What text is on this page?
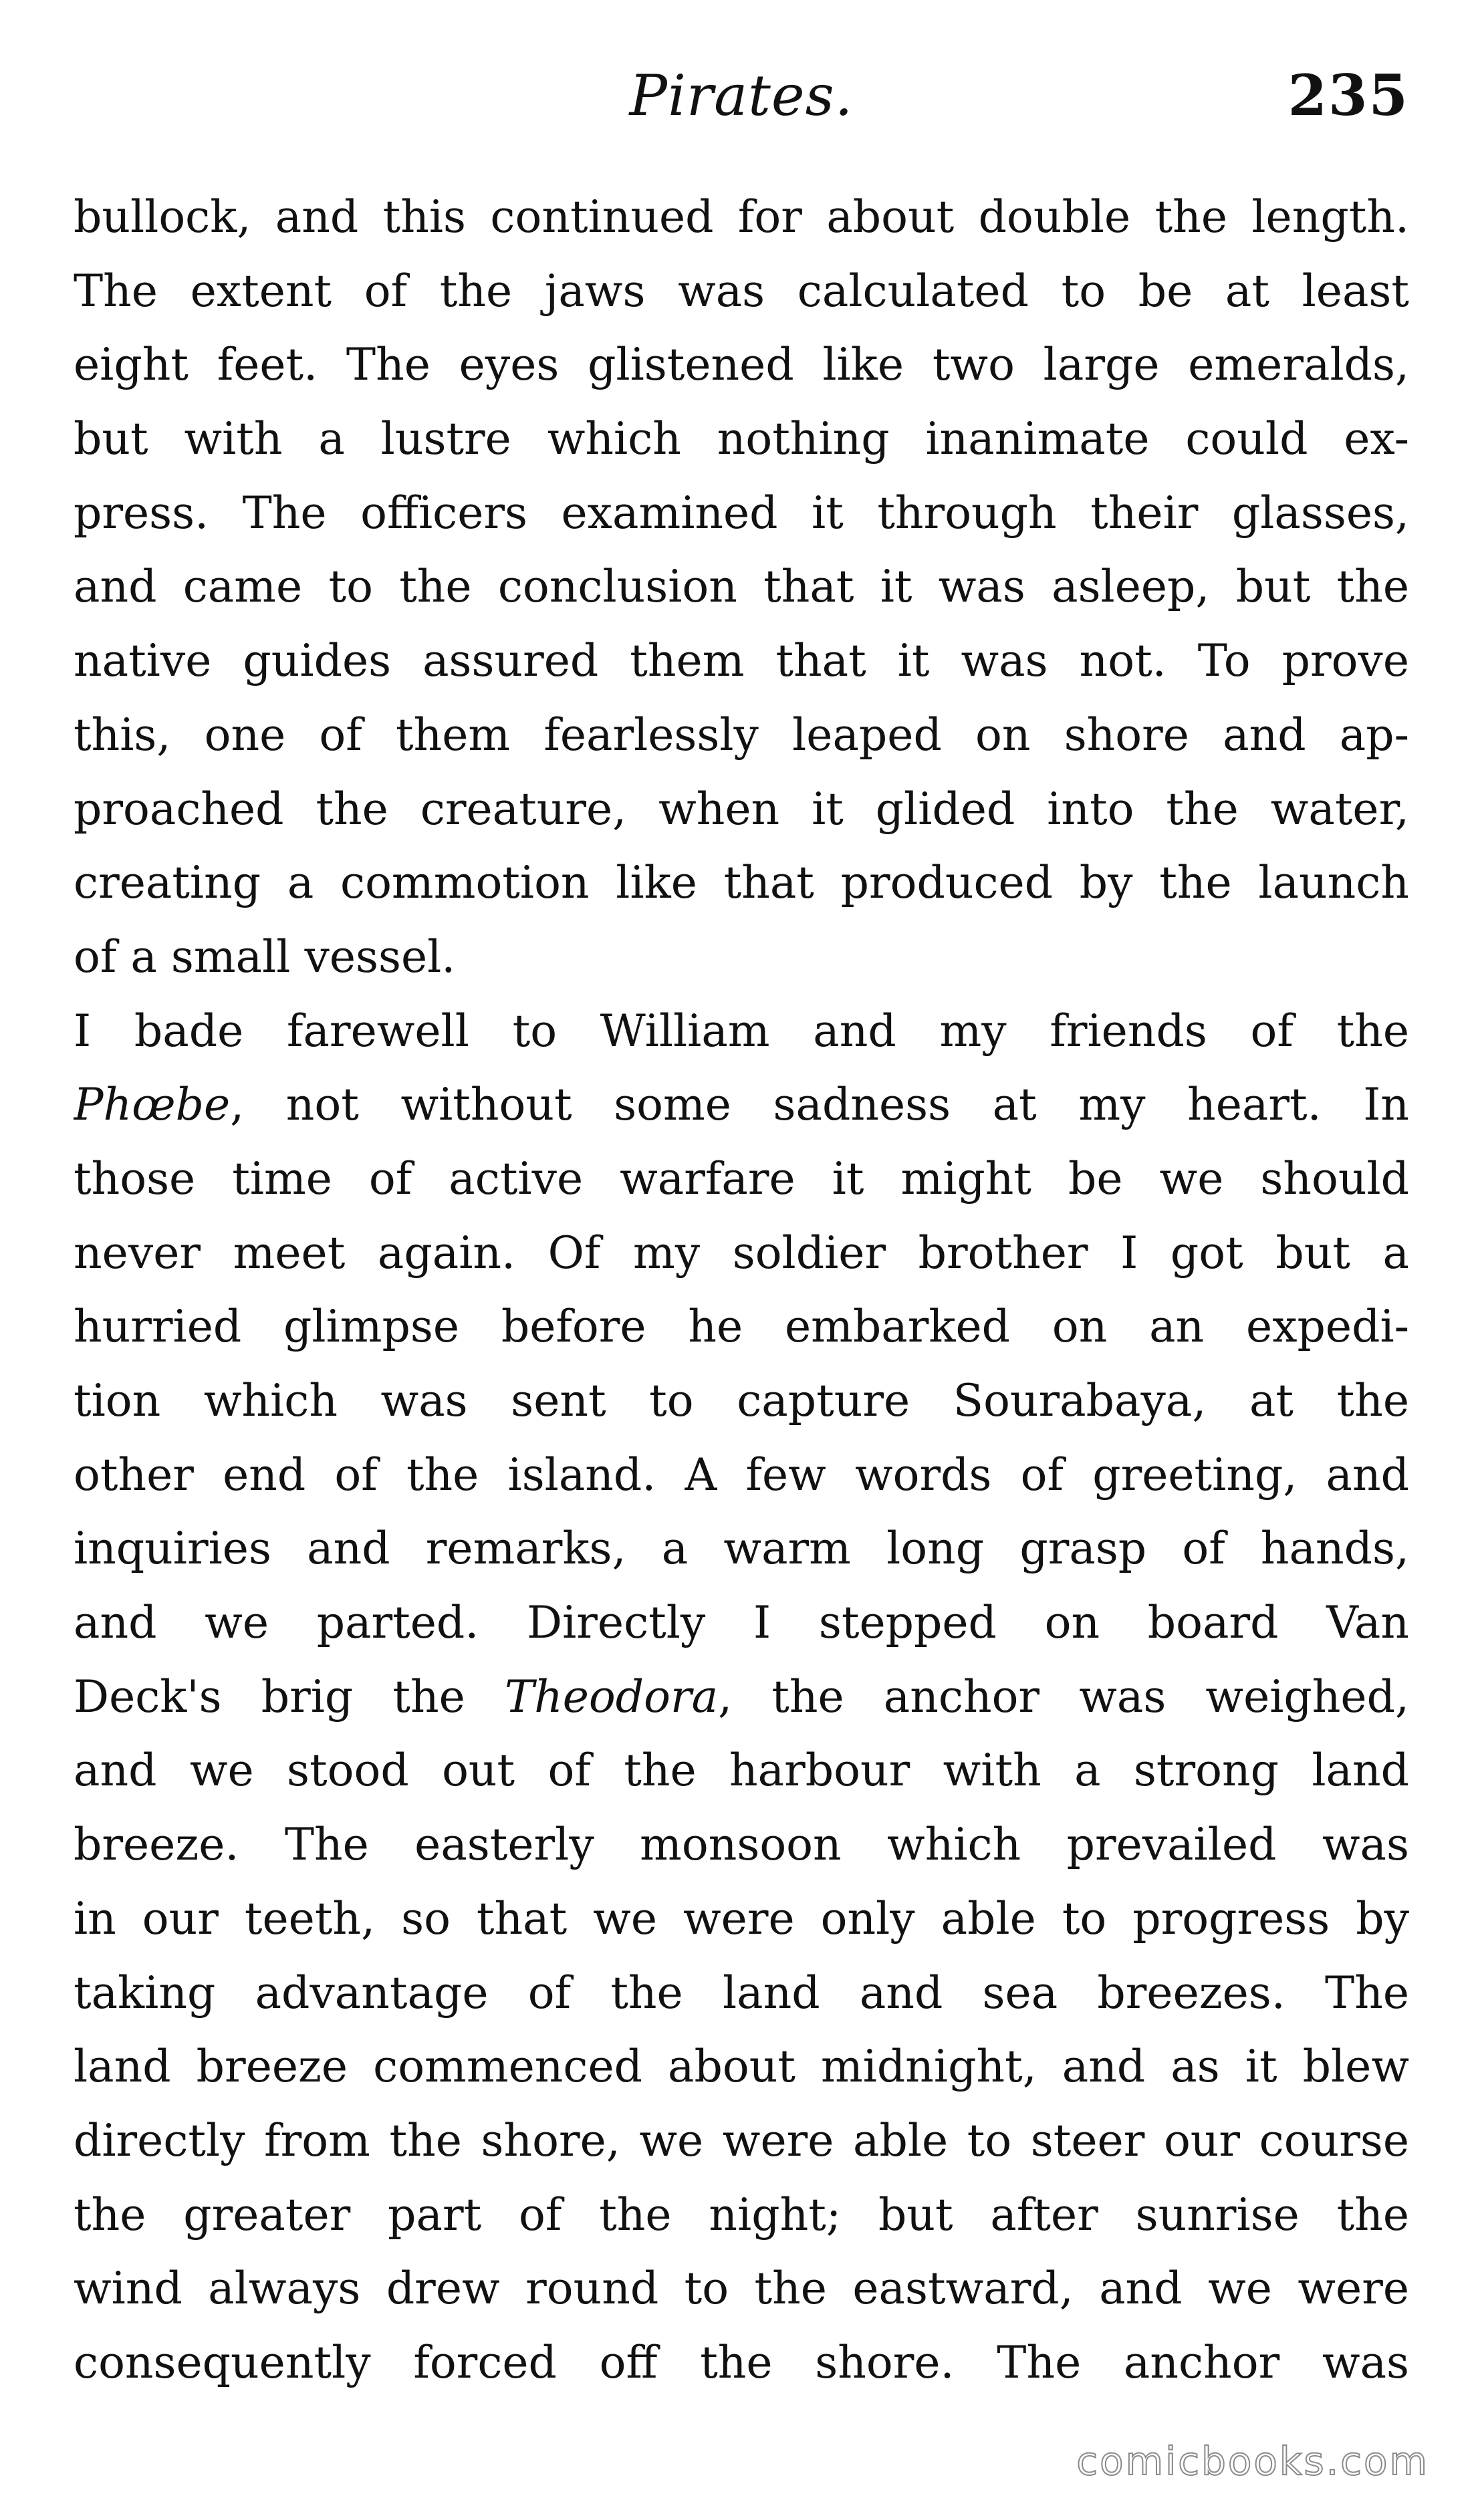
Pirates.	235
bullock, and this continued for about double the length.
The extent of the jaws was calculated to be at least
eight feet. The eyes glistened like two large emeralds,
but with a lustre which nothing inanimate could ex-
press. The officers examined it through their glasses,
and came to the conclusion that it was asleep, but the
native guides assured them that it was not. To prove
this, one of them fearlessly leaped on shore and ap-
proached the creature, when it glided into the water,
creating a commotion like that produced by the launch
of a small vessel.
I bade farewell to William and my friends of the
Phœbe, not without some sadness at my heart. In
those time of active warfare it might be we should
never meet again. Of my soldier brother I got but a
hurried glimpse before he embarked on an expedi-
tion which was sent to capture Sourabaya, at the
other end of the island. A few words of greeting, and
inquiries and remarks, a warm long grasp of hands,
and we parted. Directly I stepped on board Van
Deck's brig the Theodora, the anchor was weighed,
and we stood out of the harbour with a strong land
breeze. The easterly monsoon which prevailed was
in our teeth, so that we were only able to progress by
taking advantage of the land and sea breezes. The
land breeze commenced about midnight, and as it blew
directly from the shore, we were able to steer our course
the greater part of the night; but after sunrise the
wind always drew round to the eastward, and we were
consequently forced off the shore. The anchor was
comicbooks.com
